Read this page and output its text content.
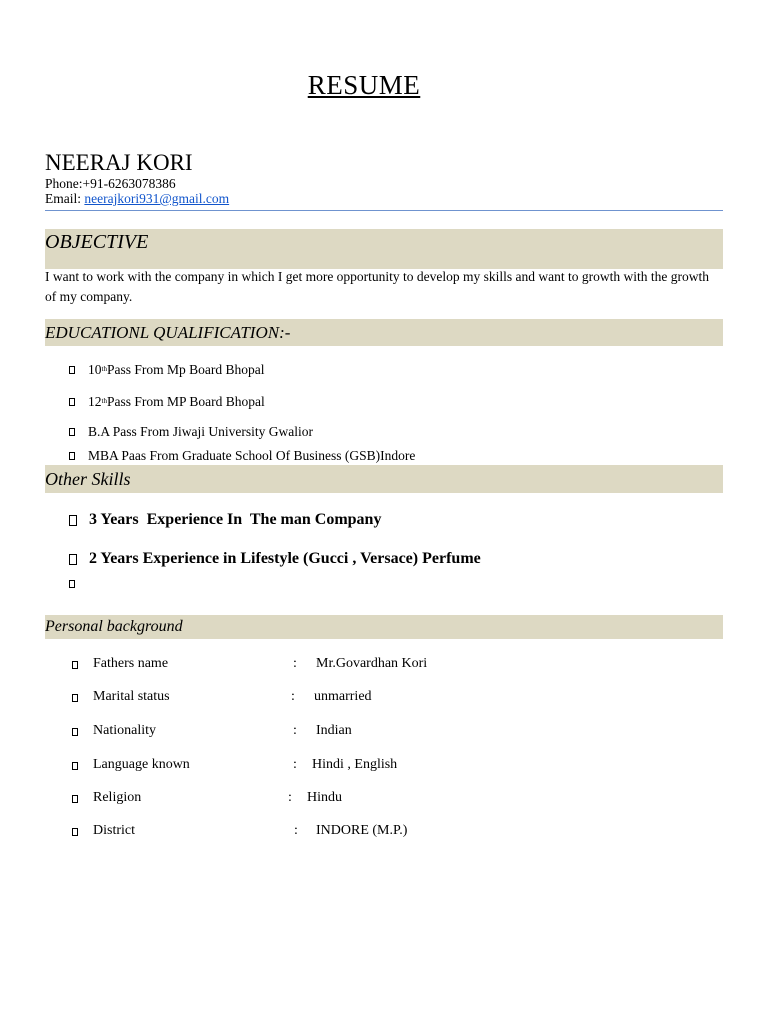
RESUME
NEERAJ KORI
Phone:+91-6263078386
Email: neerajkori931@gmail.com
OBJECTIVE
I want to work with the company in which I get more opportunity to develop my skills and want to growth with the growth of my company.
EDUCATIONL QUALIFICATION:-
10th Pass From Mp Board Bhopal
12th Pass From MP Board Bhopal
B.A Pass From Jiwaji University Gwalior
MBA Paas From Graduate School Of Business (GSB)Indore
Other Skills
3 Years  Experience In  The man Company
2 Years Experience in Lifestyle (Gucci , Versace) Perfume
Personal background
Fathers name	: Mr.Govardhan Kori
Marital status	: unmarried
Nationality	: Indian
Language known	: Hindi , English
Religion	: Hindu
District	: INDORE (M.P.)
